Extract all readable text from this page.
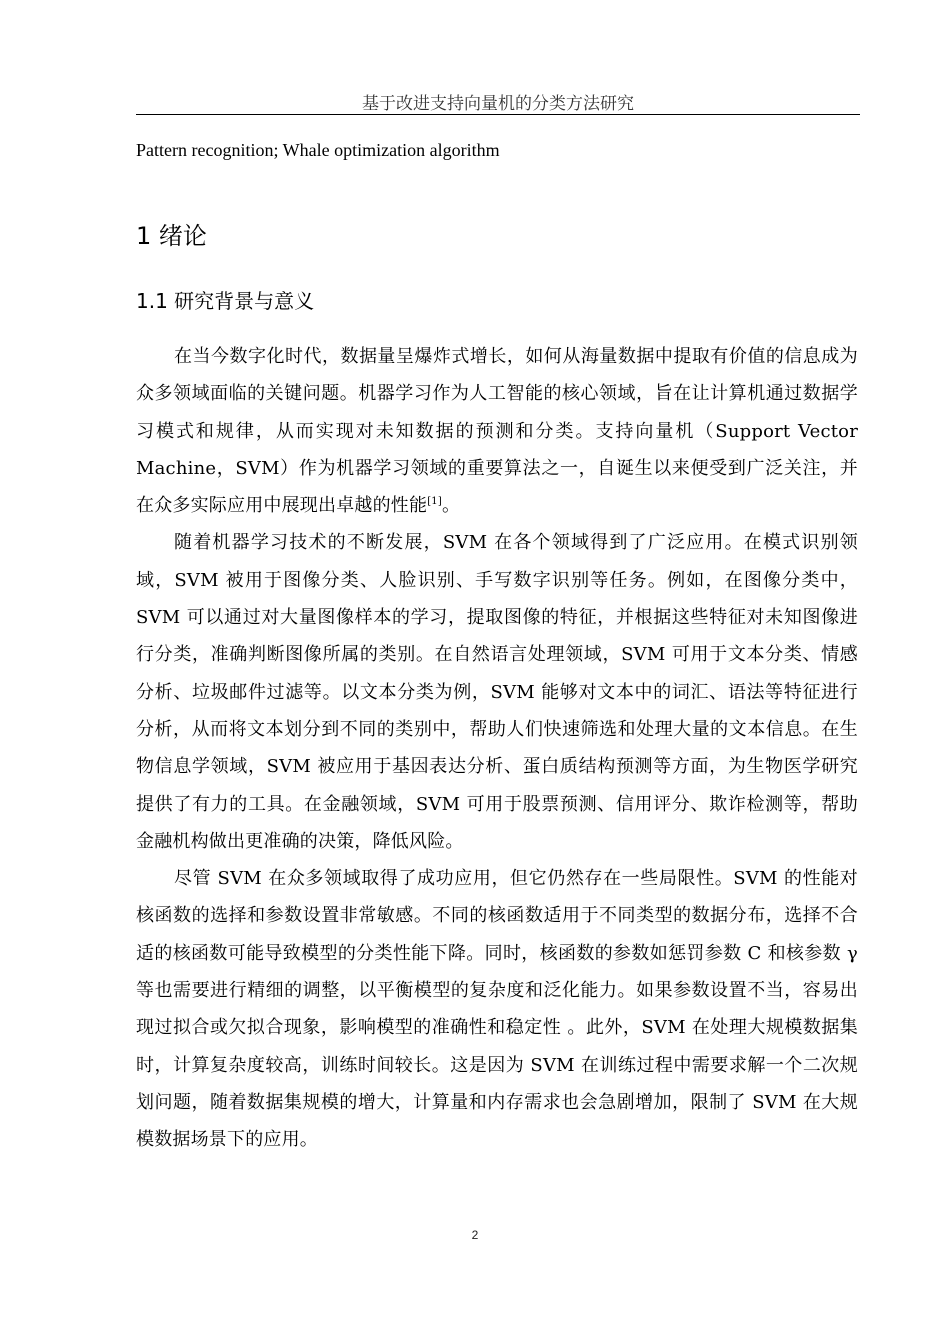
基于改进支持向量机的分类方法研究
Pattern recognition; Whale optimization algorithm
1 绪论
1.1 研究背景与意义

在当今数字化时代，数据量呈爆炸式增长，如何从海量数据中提取有价值的信息成为众多领域面临的关键问题。机器学习作为人工智能的核心领域，旨在让计算机通过数据学习模式和规律，从而实现对未知数据的预测和分类。支持向量机（Support Vector Machine，SVM）作为机器学习领域的重要算法之一，自诞生以来便受到广泛关注，并在众多实际应用中展现出卓越的性能[1]。

随着机器学习技术的不断发展，SVM 在各个领域得到了广泛应用。在模式识别领域，SVM 被用于图像分类、人脸识别、手写数字识别等任务。例如，在图像分类中，SVM 可以通过对大量图像样本的学习，提取图像的特征，并根据这些特征对未知图像进行分类，准确判断图像所属的类别。在自然语言处理领域，SVM 可用于文本分类、情感分析、垃圾邮件过滤等。以文本分类为例，SVM 能够对文本中的词汇、语法等特征进行分析，从而将文本划分到不同的类别中，帮助人们快速筛选和处理大量的文本信息。在生物信息学领域，SVM 被应用于基因表达分析、蛋白质结构预测等方面，为生物医学研究提供了有力的工具。在金融领域，SVM 可用于股票预测、信用评分、欺诈检测等，帮助金融机构做出更准确的决策，降低风险。

尽管 SVM 在众多领域取得了成功应用，但它仍然存在一些局限性。SVM 的性能对核函数的选择和参数设置非常敏感。不同的核函数适用于不同类型的数据分布，选择不合适的核函数可能导致模型的分类性能下降。同时，核函数的参数如惩罚参数 C 和核参数 γ 等也需要进行精细的调整，以平衡模型的复杂度和泛化能力。如果参数设置不当，容易出现过拟合或欠拟合现象，影响模型的准确性和稳定性 。此外，SVM 在处理大规模数据集时，计算复杂度较高，训练时间较长。这是因为 SVM 在训练过程中需要求解一个二次规划问题，随着数据集规模的增大，计算量和内存需求也会急剧增加，限制了 SVM 在大规模数据场景下的应用。

2
